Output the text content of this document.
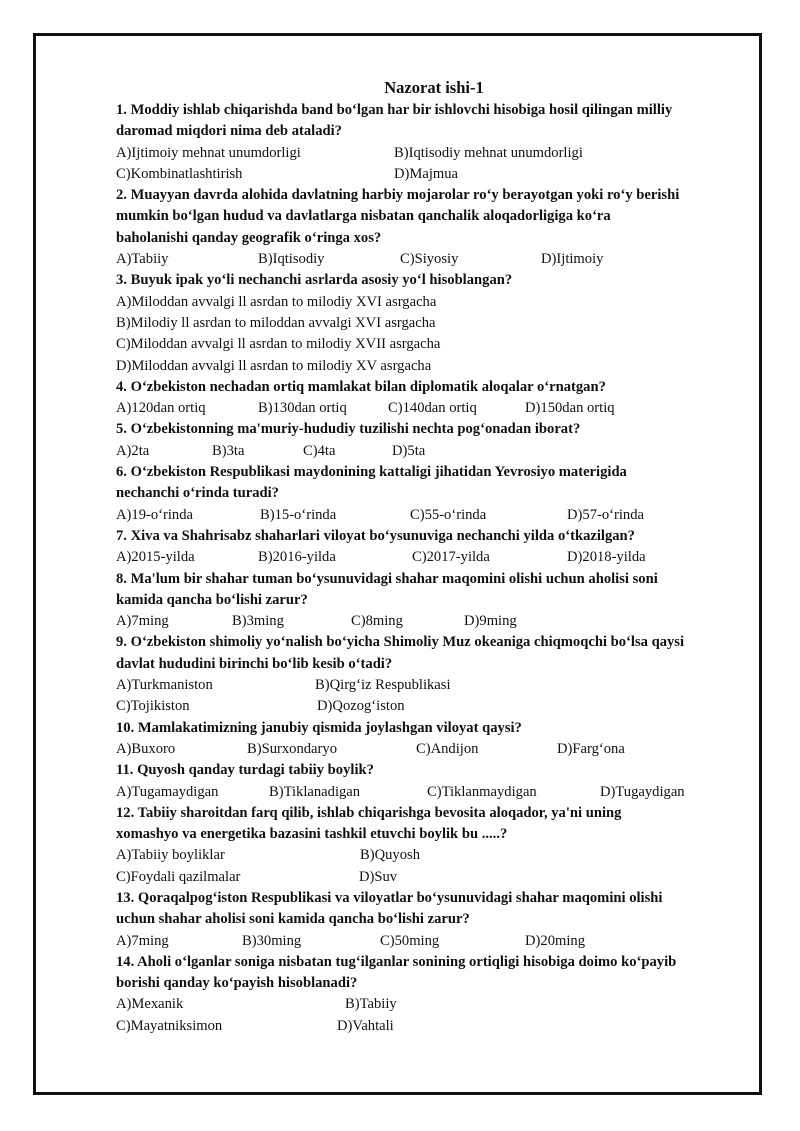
Nazorat ishi-1
1. Moddiy ishlab chiqarishda band bo‘lgan har bir ishlovchi hisobiga hosil qilingan milliy
daromad miqdori nima deb ataladi?
A)Ijtimoiy mehnat unumdorligi	B)Iqtisodiy mehnat unumdorligi
C)Kombinatlashtirish	D)Majmua
2. Muayyan davrda alohida davlatning harbiy mojarolar ro‘y berayotgan yoki ro‘y berishi
mumkin bo‘lgan hudud va davlatlarga nisbatan qanchalik aloqadorligiga ko‘ra
baholanishi qanday geografik o‘ringa xos?
A)Tabiiy	B)Iqtisodiy	C)Siyosiy	D)Ijtimoiy
3. Buyuk ipak yo‘li nechanchi asrlarda asosiy yo‘l hisoblangan?
A)Miloddan avvalgi ll asrdan to milodiy XVI asrgacha
B)Milodiy ll asrdan to miloddan avvalgi XVI asrgacha
C)Miloddan avvalgi ll asrdan to milodiy XVII asrgacha
D)Miloddan avvalgi ll asrdan to milodiy XV asrgacha
4. O‘zbekiston nechadan ortiq mamlakat bilan diplomatik aloqalar o‘rnatgan?
A)120dan ortiq	B)130dan ortiq	C)140dan ortiq	D)150dan ortiq
5. O‘zbekistonning ma'muriy-hududiy tuzilishi nechta pog‘onadan iborat?
A)2ta	B)3ta	C)4ta	D)5ta
6. O‘zbekiston Respublikasi maydonining kattaligi jihatidan Yevrosiyo materigida
nechanchi o‘rinda turadi?
A)19-o‘rinda	B)15-o‘rinda	C)55-o‘rinda	D)57-o‘rinda
7. Xiva va Shahrisabz shaharlari viloyat bo‘ysunuviga nechanchi yilda o‘tkazilgan?
A)2015-yilda	B)2016-yilda	C)2017-yilda	D)2018-yilda
8. Ma'lum bir shahar tuman bo‘ysunuvidagi shahar maqomini olishi uchun aholisi soni
kamida qancha bo‘lishi zarur?
A)7ming	B)3ming	C)8ming	D)9ming
9. O‘zbekiston shimoliy yo‘nalish bo‘yicha Shimoliy Muz okeaniga chiqmoqchi bo‘lsa qaysi
davlat hududini birinchi bo‘lib kesib o‘tadi?
A)Turkmaniston	B)Qirg‘iz Respublikasi
C)Tojikiston	D)Qozog‘iston
10. Mamlakatimizning janubiy qismida joylashgan viloyat qaysi?
A)Buxoro	B)Surxondaryo	C)Andijon	D)Farg‘ona
11. Quyosh qanday turdagi tabiiy boylik?
A)Tugamaydigan	B)Tiklanadigan	C)Tiklanmaydigan	D)Tugaydigan
12. Tabiiy sharoitdan farq qilib, ishlab chiqarishga bevosita aloqador, ya'ni uning
xomashyo va energetika bazasini tashkil etuvchi boylik bu .....?
A)Tabiiy boyliklar	B)Quyosh
C)Foydali qazilmalar	D)Suv
13. Qoraqalpog‘iston Respublikasi va viloyatlar bo‘ysunuvidagi shahar maqomini olishi
uchun shahar aholisi soni kamida qancha bo‘lishi zarur?
A)7ming	B)30ming	C)50ming	D)20ming
14. Aholi o‘lganlar soniga nisbatan tug‘ilganlar sonining ortiqligi hisobiga doimo ko‘payib
borishi qanday ko‘payish hisoblanadi?
A)Mexanik	B)Tabiiy
C)Mayatniksimon	D)Vahtali
